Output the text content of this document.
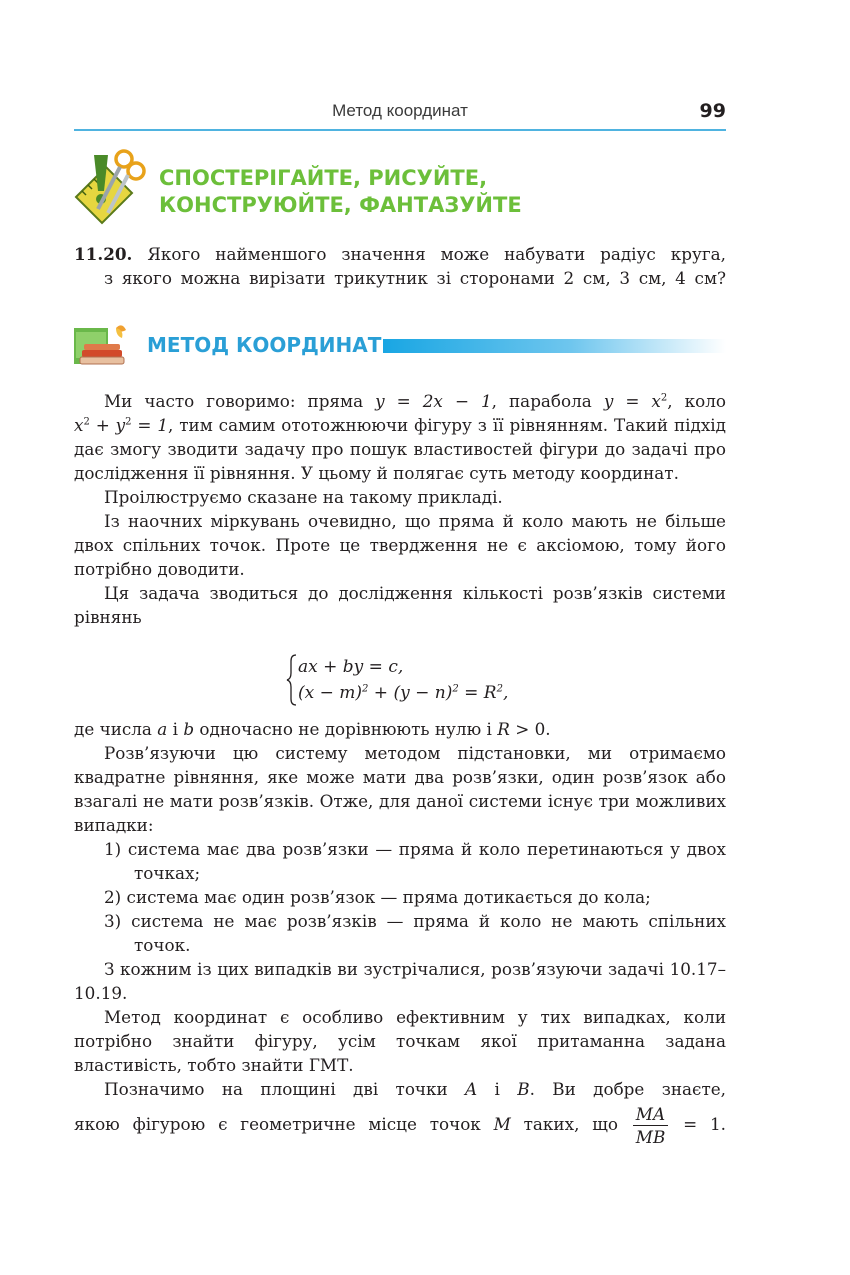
Метод координат	99
СПОСТЕРІГАЙТЕ, РИСУЙТЕ,
КОНСТРУЮЙТЕ, ФАНТАЗУЙТЕ

11.20. Якого найменшого значення може набувати радіус круга,

з якого можна вирізати трикутник зі сторонами 2 см, 3 см, 4 см?

МЕТОД КООРДИНАТ

Ми часто говоримо: пряма y = 2x − 1, парабола $y = x^2$, коло

$x^2 + y^2 = 1$, тим самим ототожнюючи фігуру з її рівнянням. Такий підхід дає змогу зводити задачу про пошук властивостей фігури до задачі про дослідження її рівняння. У цьому й полягає суть методу координат.

Проілюструємо сказане на такому прикладі.

Із наочних міркувань очевидно, що пряма й коло мають не більше двох спільних точок. Проте це твердження не є аксіомою, тому його потрібно доводити.

Ця задача зводиться до дослідження кількості розв’язків системи рівнянь

ax + by = c,
$(x - m)^2 + (y - n)^2 = R^2$,

де числа a і b одночасно не дорівнюють нулю і R > 0.

Розв’язуючи цю систему методом підстановки, ми отримаємо квадратне рівняння, яке може мати два розв’язки, один розв’язок або взагалі не мати розв’язків. Отже, для даної системи існує три можливих випадки:

1) система має два розв’язки — пряма й коло перетинаються у двох точках;

2) система має один розв’язок — пряма дотикається до кола;

3) система не має розв’язків — пряма й коло не мають спільних точок.

З кожним із цих випадків ви зустрічалися, розв’язуючи задачі 10.17–10.19.

Метод координат є особливо ефективним у тих випадках, коли потрібно знайти фігуру, усім точкам якої притаманна задана властивість, тобто знайти ГМТ.

Позначимо на площині дві точки A і B. Ви добре знаєте,

якою фігурою є геометричне місце точок M таких, що $\frac{MA}{MB} = 1$.
